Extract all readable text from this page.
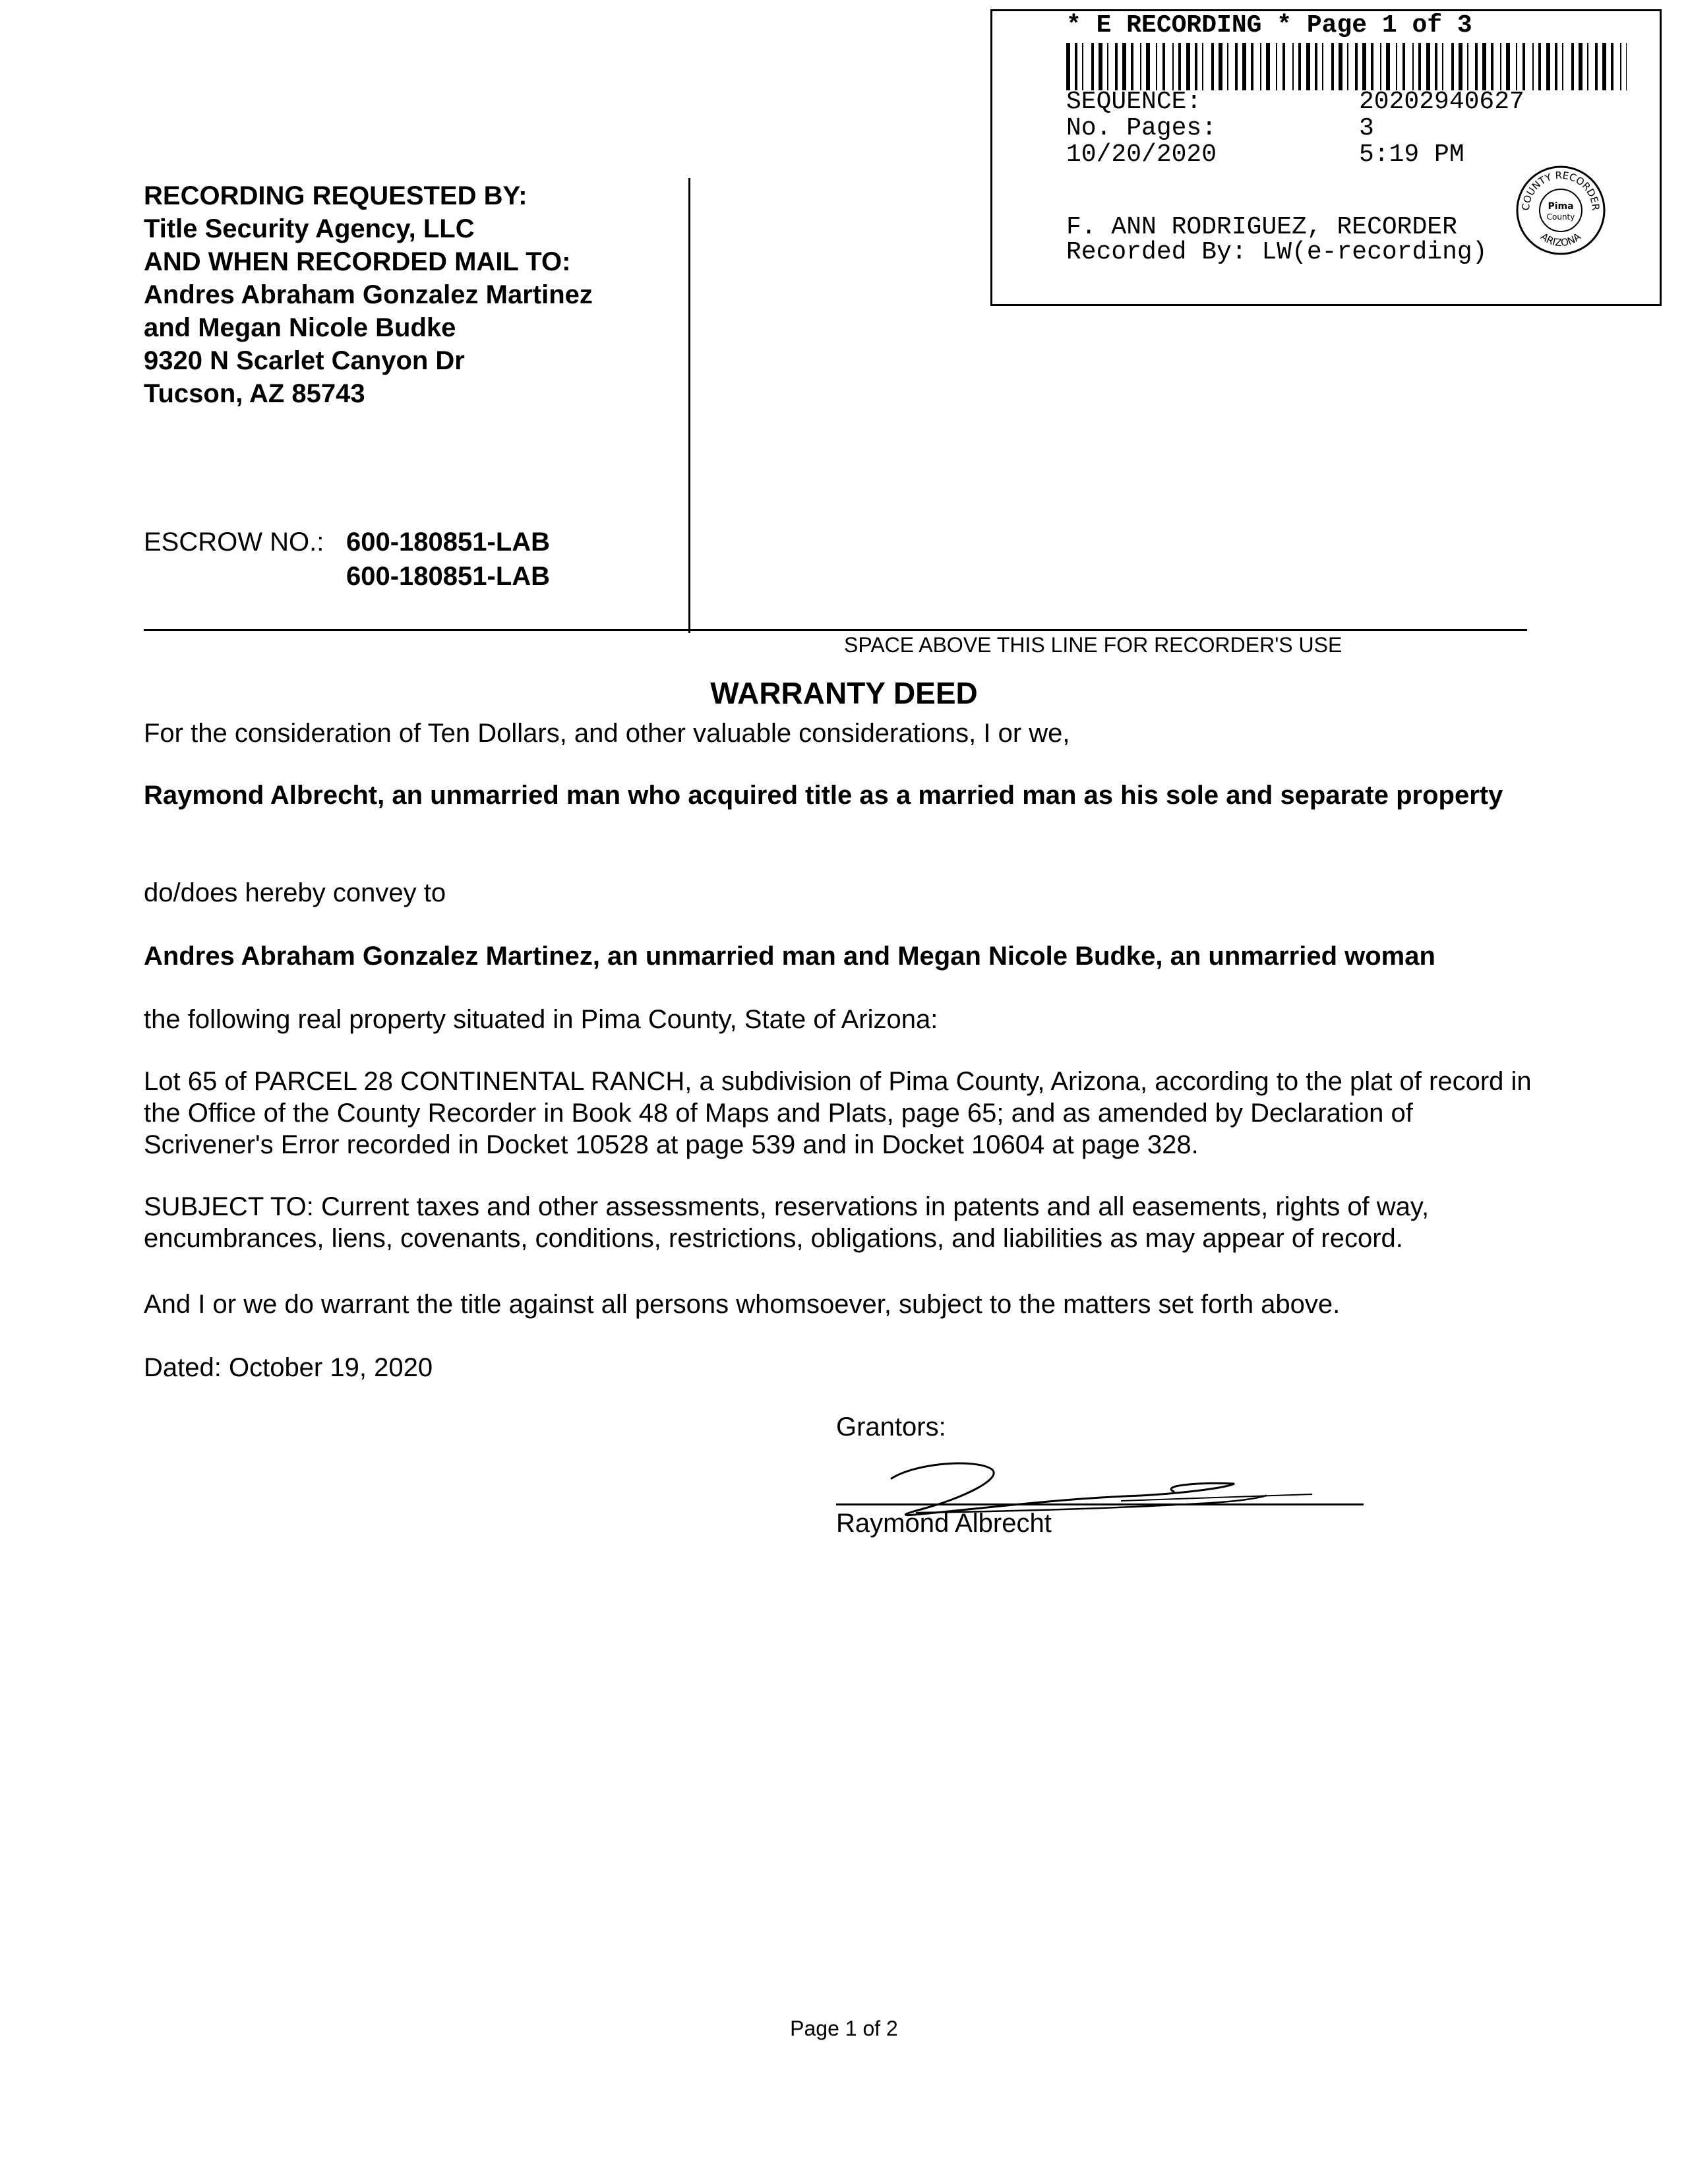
* E RECORDING * Page 1 of 3
SEQUENCE:	20202940627
No. Pages:	3
10/20/2020	5:19 PM
F. ANN RODRIGUEZ, RECORDER
Recorded By: LW(e-recording)
COUNTY RECORDER
ARIZONA
Pima
County
RECORDING REQUESTED BY:
Title Security Agency, LLC
AND WHEN RECORDED MAIL TO:
Andres Abraham Gonzalez Martinez
and Megan Nicole Budke
9320 N Scarlet Canyon Dr
Tucson, AZ 85743
ESCROW NO.: 600-180851-LAB
600-180851-LAB
SPACE ABOVE THIS LINE FOR RECORDER'S USE
WARRANTY DEED
For the consideration of Ten Dollars, and other valuable considerations, I or we,
Raymond Albrecht, an unmarried man who acquired title as a married man as his sole and separate property
do/does hereby convey to
Andres Abraham Gonzalez Martinez, an unmarried man and Megan Nicole Budke, an unmarried woman
the following real property situated in Pima County, State of Arizona:
Lot 65 of PARCEL 28 CONTINENTAL RANCH, a subdivision of Pima County, Arizona, according to the plat of record in the Office of the County Recorder in Book 48 of Maps and Plats, page 65; and as amended by Declaration of Scrivener's Error recorded in Docket 10528 at page 539 and in Docket 10604 at page 328.
SUBJECT TO: Current taxes and other assessments, reservations in patents and all easements, rights of way, encumbrances, liens, covenants, conditions, restrictions, obligations, and liabilities as may appear of record.
And I or we do warrant the title against all persons whomsoever, subject to the matters set forth above.
Dated: October 19, 2020
Grantors:
Raymond Albrecht
Page 1 of 2
